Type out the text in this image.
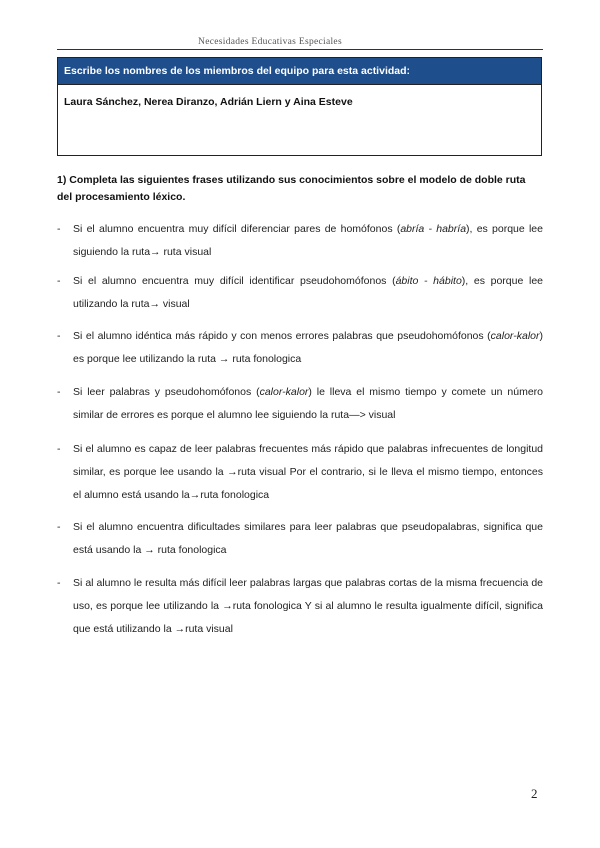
Necesidades Educativas Especiales
Escribe los nombres de los miembros del equipo para esta actividad:
Laura Sánchez, Nerea Diranzo, Adrián Liern y Aina Esteve
1) Completa las siguientes frases utilizando sus conocimientos sobre el modelo de doble ruta del procesamiento léxico.
- Si el alumno encuentra muy difícil diferenciar pares de homófonos (abría - habría), es porque lee siguiendo la ruta→ ruta visual
- Si el alumno encuentra muy difícil identificar pseudohomófonos (ábito - hábito), es porque lee utilizando la ruta→ visual
- Si el alumno idéntica más rápido y con menos errores palabras que pseudohomófonos (calor-kalor) es porque lee utilizando la ruta → ruta fonologica
- Si leer palabras y pseudohomófonos (calor-kalor) le lleva el mismo tiempo y comete un número similar de errores es porque el alumno lee siguiendo la ruta—> visual
- Si el alumno es capaz de leer palabras frecuentes más rápido que palabras infrecuentes de longitud similar, es porque lee usando la →ruta visual Por el contrario, si le lleva el mismo tiempo, entonces el alumno está usando la→ruta fonologica
- Si el alumno encuentra dificultades similares para leer palabras que pseudopalabras, significa que está usando la → ruta fonologica
- Si al alumno le resulta más difícil leer palabras largas que palabras cortas de la misma frecuencia de uso, es porque lee utilizando la →ruta fonologica Y si al alumno le resulta igualmente difícil, significa que está utilizando la →ruta visual
2
